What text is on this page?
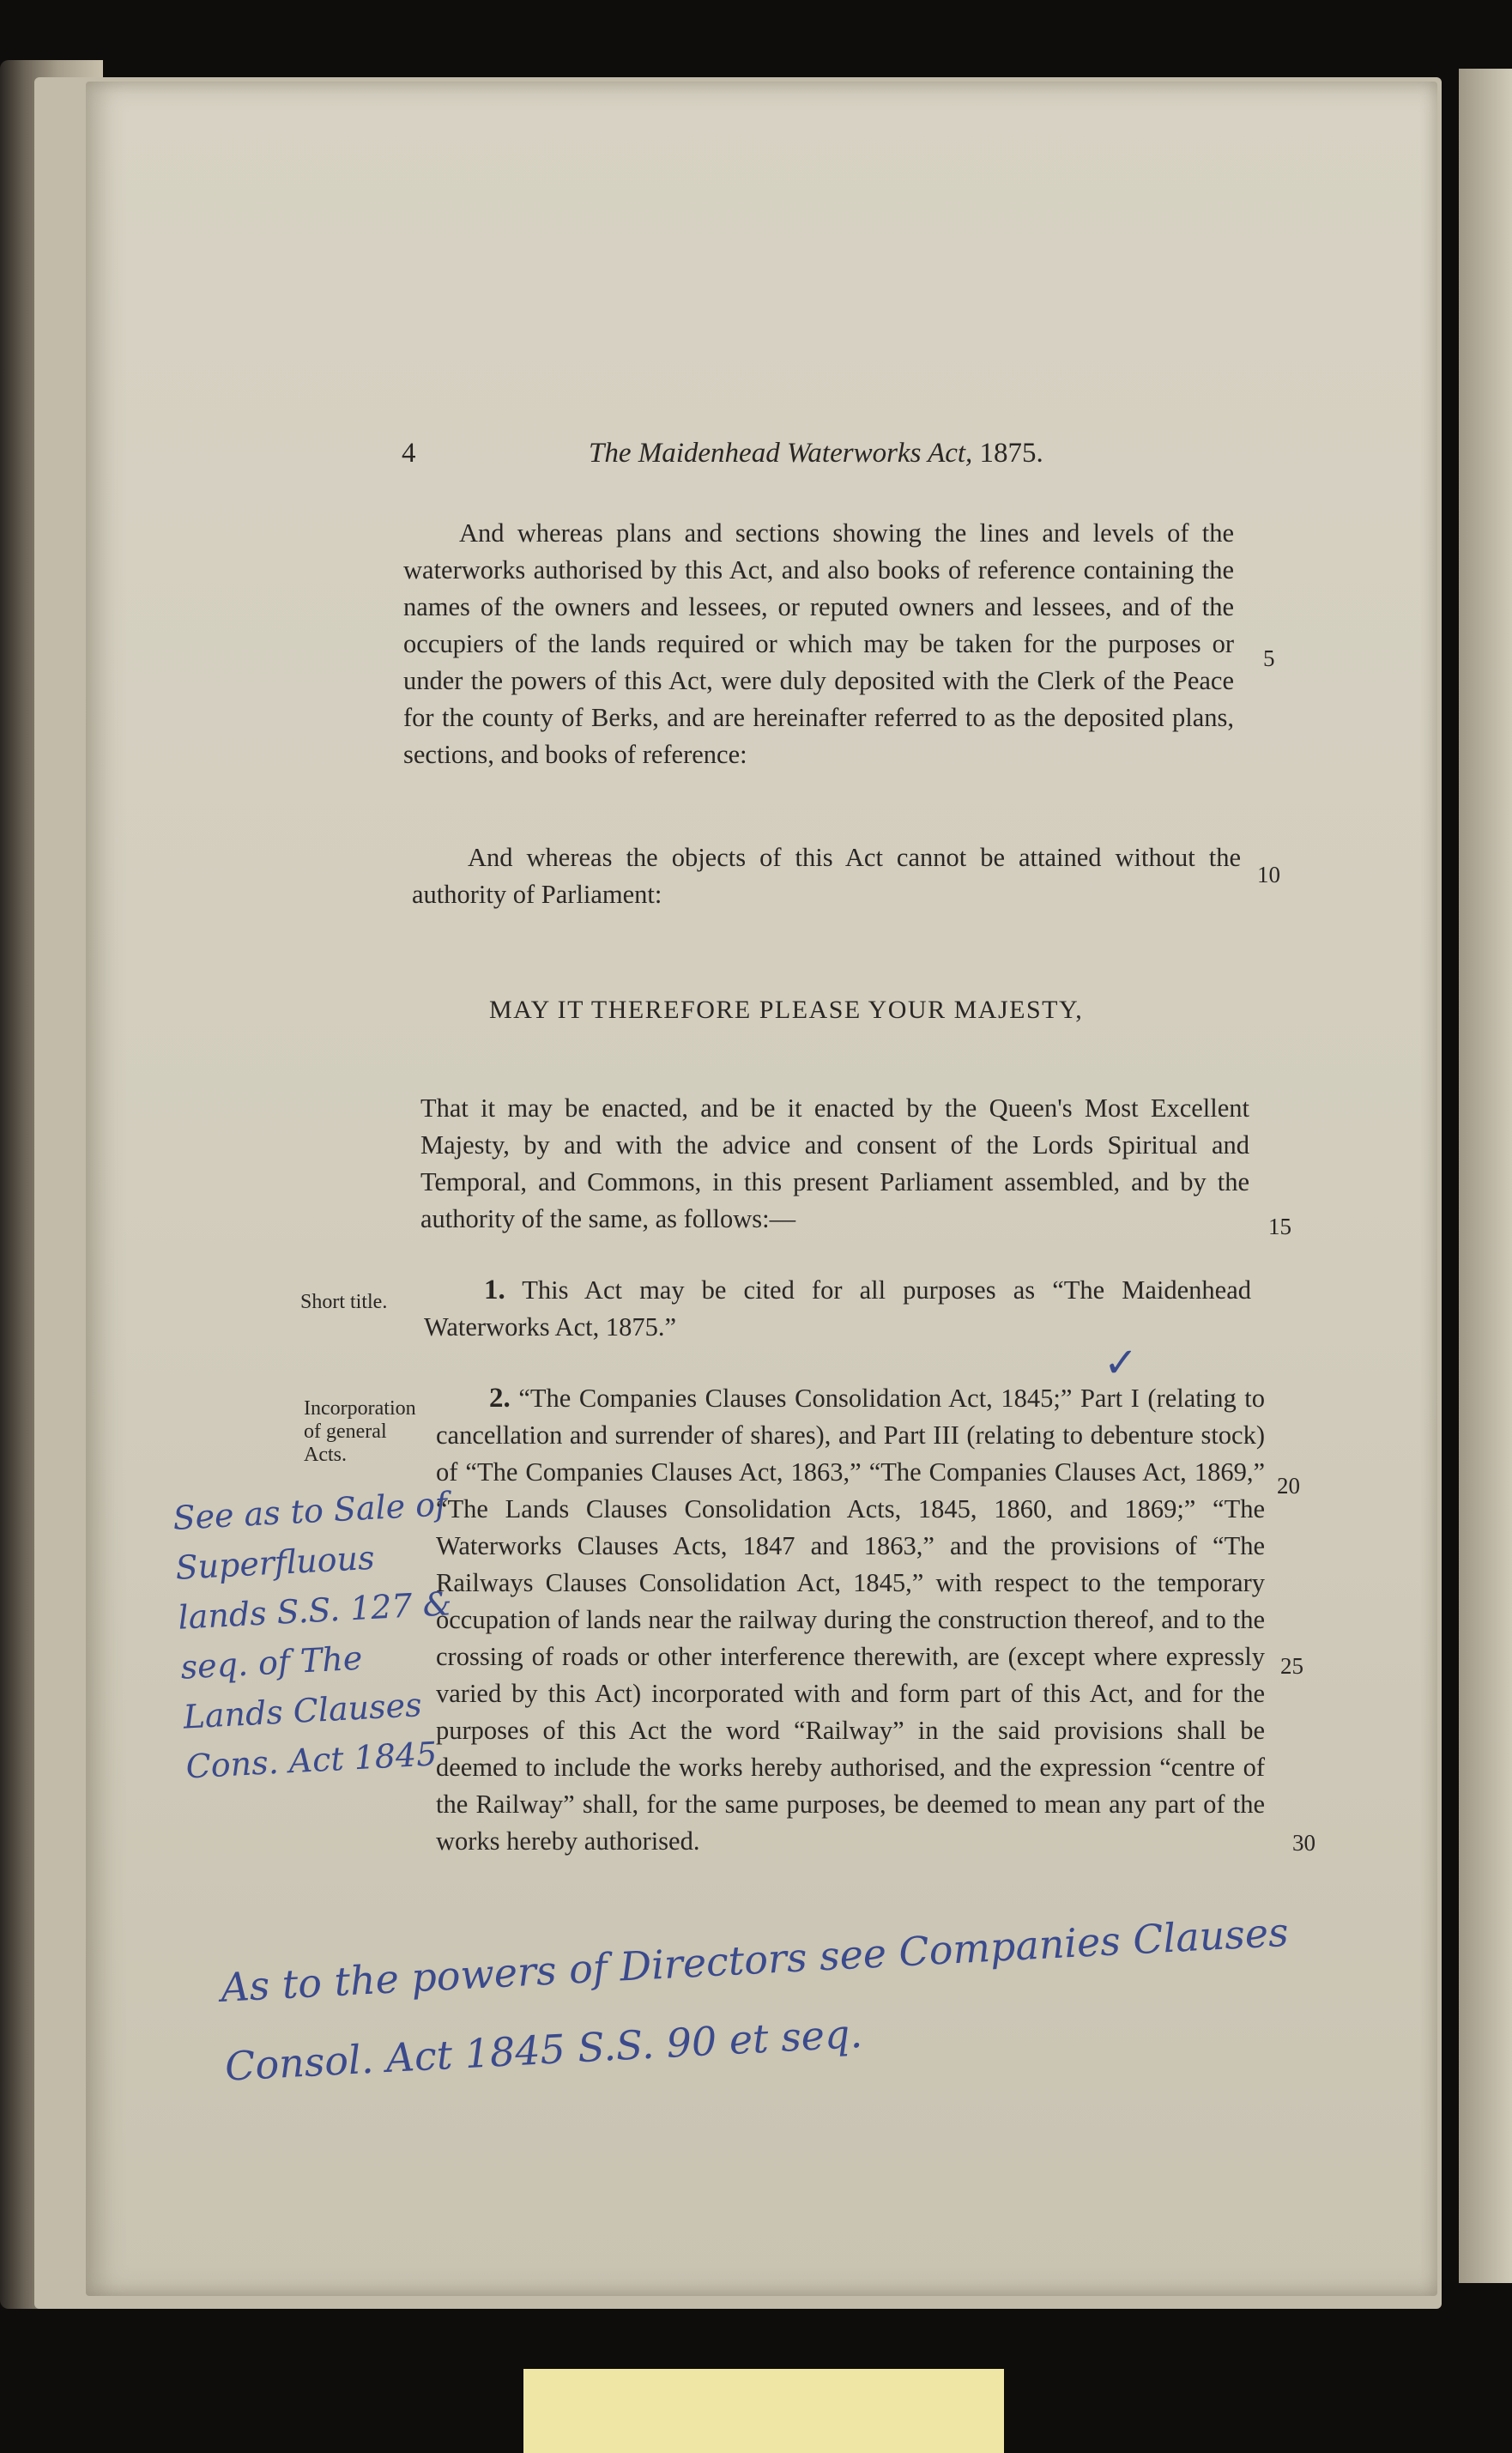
4	The Maidenhead Waterworks Act, 1875.
And whereas plans and sections showing the lines and levels of the waterworks authorised by this Act, and also books of reference containing the names of the owners and lessees, or reputed owners and lessees, and of the occupiers of the lands required or which may be taken for the purposes or under the powers of this Act, were duly deposited with the Clerk of the Peace for the county of Berks, and are hereinafter referred to as the deposited plans, sections, and books of reference:
And whereas the objects of this Act cannot be attained without the authority of Parliament:
MAY IT THEREFORE PLEASE YOUR MAJESTY,
That it may be enacted, and be it enacted by the Queen's Most Excellent Majesty, by and with the advice and consent of the Lords Spiritual and Temporal, and Commons, in this present Parliament assembled, and by the authority of the same, as follows:—
Short title.	1. This Act may be cited for all purposes as “The Maidenhead Waterworks Act, 1875.”
Incorporation of general Acts.
2. “The Companies Clauses Consolidation Act, 1845;” Part I (relating to cancellation and surrender of shares), and Part III (relating to debenture stock) of “The Companies Clauses Act, 1863,” “The Companies Clauses Act, 1869,” “The Lands Clauses Consolidation Acts, 1845, 1860, and 1869;” “The Waterworks Clauses Acts, 1847 and 1863,” and the provisions of “The Railways Clauses Consolidation Act, 1845,” with respect to the temporary occupation of lands near the railway during the construction thereof, and to the crossing of roads or other interference therewith, are (except where expressly varied by this Act) incorporated with and form part of this Act, and for the purposes of this Act the word “Railway” in the said provisions shall be deemed to include the works hereby authorised, and the expression “centre of the Railway” shall, for the same purposes, be deemed to mean any part of the works hereby authorised.
5
10
15
20
25
30
✓
See as to Sale of Superfluous lands S.S. 127 & seq. of The Lands Clauses Cons. Act 1845
As to the powers of Directors see Companies Clauses Consol. Act 1845 S.S. 90 et seq.
